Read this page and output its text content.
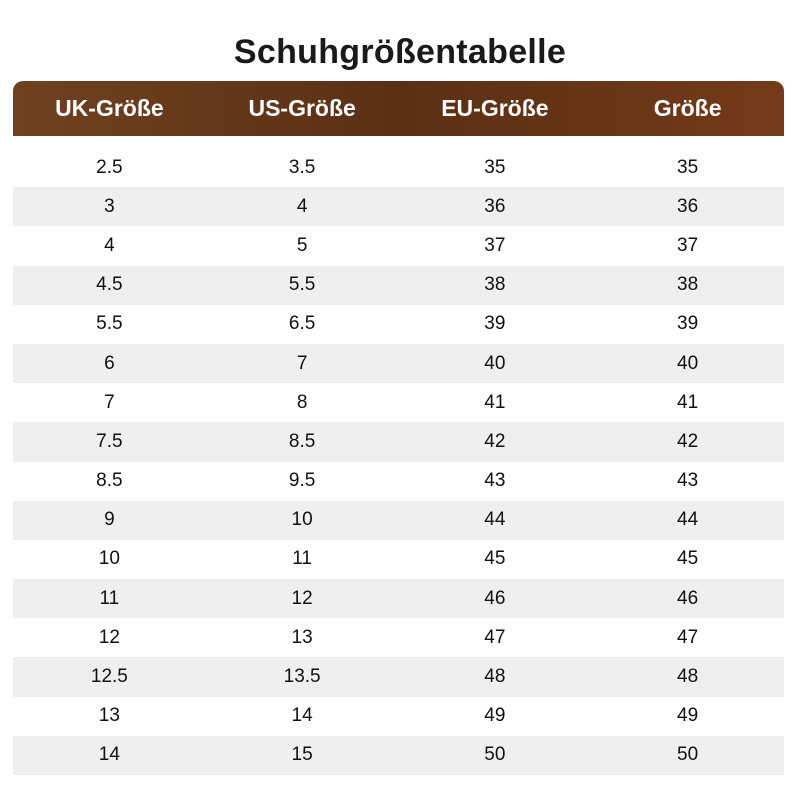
Schuhgrößentabelle
UK-Größe	US-Größe	EU-Größe	Größe
2.5	3.5	35	35
3	4	36	36
4	5	37	37
4.5	5.5	38	38
5.5	6.5	39	39
6	7	40	40
7	8	41	41
7.5	8.5	42	42
8.5	9.5	43	43
9	10	44	44
10	11	45	45
11	12	46	46
12	13	47	47
12.5	13.5	48	48
13	14	49	49
14	15	50	50
